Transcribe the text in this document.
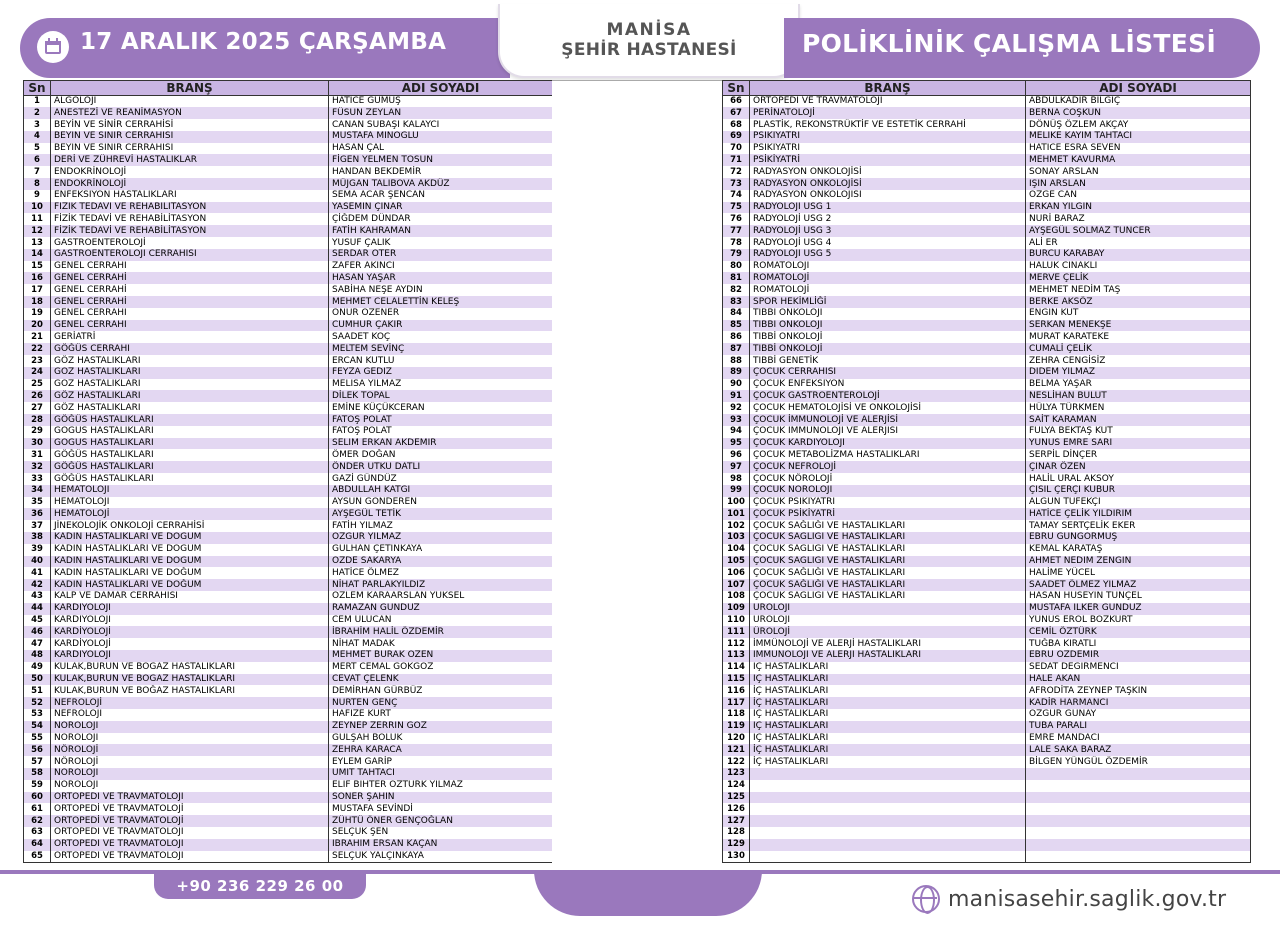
17 ARALIK 2025 ÇARŞAMBA	MANİSA
ŞEHİR HASTANESİ	POLİKLİNİK ÇALIŞMA LİSTESİ
Sn	BRANŞ	ADI SOYADI
1	ALGOLOJİ	HATİCE GÜMÜŞ
2	ANESTEZİ VE REANİMASYON	FÜSUN ZEYLAN
3	BEYİN VE SİNİR CERRAHİSİ	CANAN SUBAŞI KALAYCI
4	BEYİN VE SİNİR CERRAHİSİ	MUSTAFA MİNOĞLU
5	BEYİN VE SİNİR CERRAHİSİ	HASAN ÇAL
6	DERİ VE ZÜHREVİ HASTALIKLAR	FİGEN YELMEN TOSUN
7	ENDOKRİNOLOJİ	HANDAN BEKDEMİR
8	ENDOKRİNOLOJİ	MÜJGAN TALIBOVA AKDÜZ
9	ENFEKSİYON HASTALIKLARI	SEMA ACAR ŞENCAN
10	FİZİK TEDAVİ VE REHABİLİTASYON	YASEMİN ÇINAR
11	FİZİK TEDAVİ VE REHABİLİTASYON	ÇİĞDEM DÜNDAR
12	FİZİK TEDAVİ VE REHABİLİTASYON	FATİH KAHRAMAN
13	GASTROENTEROLOJİ	YUSUF ÇALIK
14	GASTROENTEROLOJİ CERRAHİSİ	SERDAR ÖTER
15	GENEL CERRAHİ	ZAFER AKINCI
16	GENEL CERRAHİ	HASAN YAŞAR
17	GENEL CERRAHİ	SABİHA NEŞE AYDIN
18	GENEL CERRAHİ	MEHMET CELALETTİN KELEŞ
19	GENEL CERRAHİ	ONUR ÖZENER
20	GENEL CERRAHİ	CUMHUR ÇAKIR
21	GERİATRİ	SAADET KOÇ
22	GÖĞÜS CERRAHI	MELTEM SEVİNÇ
23	GÖZ HASTALIKLARI	ERCAN KUTLU
24	GÖZ HASTALIKLARI	FEYZA GEDİZ
25	GÖZ HASTALIKLARI	MELİSA YILMAZ
26	GÖZ HASTALIKLARI	DİLEK TOPAL
27	GÖZ HASTALIKLARI	EMİNE KÜÇÜKCERAN
28	GÖĞÜS HASTALIKLARI	FATOŞ POLAT
29	GÖĞÜS HASTALIKLARI	FATOŞ POLAT
30	GÖĞÜS HASTALIKLARI	SELİM ERKAN AKDEMİR
31	GÖĞÜS HASTALIKLARI	ÖMER DOĞAN
32	GÖĞÜS HASTALIKLARI	ÖNDER UTKU DATLI
33	GÖĞÜS HASTALIKLARI	GAZİ GÜNDÜZ
34	HEMATOLOJİ	ABDULLAH KATGI
35	HEMATOLOJİ	AYSUN GÖNDEREN
36	HEMATOLOJİ	AYŞEGÜL TETİK
37	JİNEKOLOJİK ONKOLOJİ CERRAHİSİ	FATİH YILMAZ
38	KADIN HASTALIKLARI VE DOĞUM	ÖZGÜR YILMAZ
39	KADIN HASTALIKLARI VE DOĞUM	GÜLHAN ÇETİNKAYA
40	KADIN HASTALIKLARI VE DOĞUM	ÖZDE SAKARYA
41	KADIN HASTALIKLARI VE DOĞUM	HATİCE ÖLMEZ
42	KADIN HASTALIKLARI VE DOĞUM	NİHAT PARLAKYILDIZ
43	KALP VE DAMAR CERRAHİSİ	ÖZLEM KARAARSLAN YÜKSEL
44	KARDİYOLOJİ	RAMAZAN GÜNDÜZ
45	KARDİYOLOJİ	CEM ULUCAN
46	KARDİYOLOJİ	İBRAHİM HALİL ÖZDEMİR
47	KARDİYOLOJİ	NİHAT MADAK
48	KARDİYOLOJİ	MEHMET BURAK ÖZEN
49	KULAK,BURUN VE BOĞAZ HASTALIKLARI	MERT CEMAL GÖKGÖZ
50	KULAK,BURUN VE BOĞAZ HASTALIKLARI	CEVAT ÇELENK
51	KULAK,BURUN VE BOĞAZ HASTALIKLARI	DEMİRHAN GÜRBÜZ
52	NEFROLOJİ	NURTEN GENÇ
53	NEFROLOJİ	HAFİZE KURT
54	NÖROLOJİ	ZEYNEP ZERRİN GÖZ
55	NÖROLOJİ	GÜLŞAH BÖLÜK
56	NÖROLOJİ	ZEHRA KARACA
57	NÖROLOJİ	EYLEM GARİP
58	NÖROLOJİ	ÜMİT TAHTACI
59	NÖROLOJİ	ELİF BİHTER ÖZTÜRK YILMAZ
60	ORTOPEDİ VE TRAVMATOLOJİ	SONER ŞAHİN
61	ORTOPEDİ VE TRAVMATOLOJİ	MUSTAFA SEVİNDİ
62	ORTOPEDİ VE TRAVMATOLOJİ	ZÜHTÜ ÖNER GENÇOĞLAN
63	ORTOPEDİ VE TRAVMATOLOJİ	SELÇUK ŞEN
64	ORTOPEDİ VE TRAVMATOLOJİ	İBRAHİM ERSAN KAÇAN
65	ORTOPEDİ VE TRAVMATOLOJİ	SELÇUK YALÇINKAYA
Sn	BRANŞ	ADI SOYADI
66	ORTOPEDİ VE TRAVMATOLOJİ	ABDÜLKADİR BİLGİÇ
67	PERİNATOLOJİ	BERNA COŞKUN
68	PLASTİK, REKONSTRÜKTİF VE ESTETİK CERRAHİ	DÖNÜŞ ÖZLEM AKÇAY
69	PSİKİYATRİ	MELİKE KAYIM TAHTACI
70	PSİKİYATRİ	HATİCE ESRA SEVEN
71	PSİKİYATRİ	MEHMET KAVURMA
72	RADYASYON ONKOLOJİSİ	SONAY ARSLAN
73	RADYASYON ONKOLOJİSİ	IŞIN ARSLAN
74	RADYASYON ONKOLOJİSİ	ÖZGE CAN
75	RADYOLOJİ USG 1	ERKAN YILGIN
76	RADYOLOJİ USG 2	NURİ BARAZ
77	RADYOLOJİ USG 3	AYŞEGÜL SOLMAZ TUNCER
78	RADYOLOJİ USG 4	ALİ ER
79	RADYOLOJİ USG 5	BURCU KARABAY
80	ROMATOLOJİ	HALUK CİNAKLI
81	ROMATOLOJİ	MERVE ÇELİK
82	ROMATOLOJİ	MEHMET NEDİM TAŞ
83	SPOR HEKİMLİĞİ	BERKE AKSÖZ
84	TIBBİ ONKOLOJİ	ENGİN KUT
85	TIBBİ ONKOLOJİ	SERKAN MENEKŞE
86	TIBBİ ONKOLOJİ	MURAT KARATEKE
87	TIBBİ ONKOLOJİ	CUMALİ ÇELİK
88	TIBBİ GENETİK	ZEHRA CENGİSİZ
89	ÇOCUK CERRAHİSİ	DİDEM YILMAZ
90	ÇOCUK ENFEKSİYON	BELMA YAŞAR
91	ÇOCUK GASTROENTEROLOJİ	NESLİHAN BULUT
92	ÇOCUK HEMATOLOJİSİ VE ONKOLOJİSİ	HÜLYA TÜRKMEN
93	ÇOCUK İMMUNOLOJİ VE ALERJİSİ	SAİT KARAMAN
94	ÇOCUK İMMUNOLOJİ VE ALERJİSİ	FULYA BEKTAŞ KUT
95	ÇOCUK KARDİYOLOJİ	YUNUS EMRE SARI
96	ÇOCUK METABOLİZMA HASTALIKLARI	SERPİL DİNÇER
97	ÇOCUK NEFROLOJİ	ÇINAR ÖZEN
98	ÇOCUK NÖROLOJİ	HALİL URAL AKSOY
99	ÇOCUK NÖROLOJİ	ÇİSİL ÇERÇİ KUBUR
100	ÇOCUK PSİKİYATRİ	ALGUN TÜFEKÇİ
101	ÇOCUK PSİKİYATRİ	HATİCE ÇELİK YILDIRIM
102	ÇOCUK SAĞLIĞI VE HASTALIKLARI	TAMAY SERTÇELİK EKER
103	ÇOCUK SAĞLIĞI VE HASTALIKLARI	EBRU GÜNGÖRMÜŞ
104	ÇOCUK SAĞLIĞI VE HASTALIKLARI	KEMAL KARATAŞ
105	ÇOCUK SAĞLIĞI VE HASTALIKLARI	AHMET NEDİM ZENGİN
106	ÇOCUK SAĞLIĞI VE HASTALIKLARI	HALİME YÜCEL
107	ÇOCUK SAĞLIĞI VE HASTALIKLARI	SAADET ÖLMEZ YILMAZ
108	ÇOCUK SAĞLIĞI VE HASTALIKLARI	HASAN HÜSEYİN TUNÇEL
109	ÜROLOJİ	MUSTAFA İLKER GÜNDÜZ
110	ÜROLOJİ	YUNUS EROL BOZKURT
111	ÜROLOJİ	CEMİL ÖZTÜRK
112	İMMÜNOLOJİ VE ALERJİ HASTALIKLARI	TUĞBA KIRATLI
113	İMMÜNOLOJİ VE ALERJİ HASTALIKLARI	EBRU ÖZDEMİR
114	İÇ HASTALIKLARI	SEDAT DEĞİRMENCİ
115	İÇ HASTALIKLARI	HALE AKAN
116	İÇ HASTALIKLARI	AFRODİTA ZEYNEP TAŞKIN
117	İÇ HASTALIKLARI	KADİR HARMANCI
118	İÇ HASTALIKLARI	ÖZGÜR GÜNAY
119	İÇ HASTALIKLARI	TUBA PARALI
120	İÇ HASTALIKLARI	EMRE MANDACI
121	İÇ HASTALIKLARI	LALE SAKA BARAZ
122	İÇ HASTALIKLARI	BİLGEN YÜNGÜL ÖZDEMİR
123		
124		
125		
126		
127		
128		
129		
130		
+90 236 229 26 00
manisasehir.saglik.gov.tr
